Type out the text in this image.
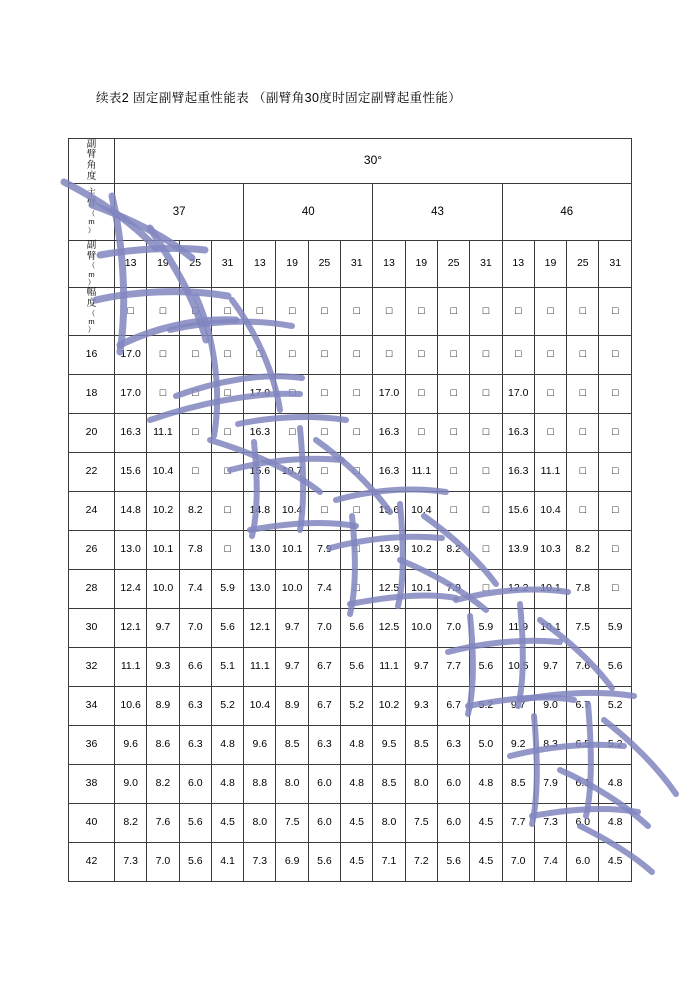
续表2 固定副臂起重性能表 （副臂角30度时固定副臂起重性能）
副
臂
角
度	30°															

主
臂
（
m
）	37				40				43				46			

副
臂
（
m
）	13	19	25	31	13	19	25	31	13	19	25	31	13	19	25	31

幅
度
（
m
）	□	□	□	□	□	□	□	□	□	□	□	□	□	□	□	□
16	17.0	□	□	□	□	□	□	□	□	□	□	□	□	□	□	□
18	17.0	□	□	□	17.0	□	□	□	17.0	□	□	□	17.0	□	□	□
20	16.3	11.1	□	□	16.3	□	□	□	16.3	□	□	□	16.3	□	□	□
22	15.6	10.4	□	□	15.6	10.7	□	□	16.3	11.1	□	□	16.3	11.1	□	□
24	14.8	10.2	8.2	□	14.8	10.4	□	□	15.6	10.4	□	□	15.6	10.4	□	□
26	13.0	10.1	7.8	□	13.0	10.1	7.9	□	13.9	10.2	8.2	□	13.9	10.3	8.2	□
28	12.4	10.0	7.4	5.9	13.0	10.0	7.4	□	12.5	10.1	7.9	□	12.2	10.1	7.8	□
30	12.1	9.7	7.0	5.6	12.1	9.7	7.0	5.6	12.5	10.0	7.0	5.9	11.9	10.1	7.5	5.9
32	11.1	9.3	6.6	5.1	11.1	9.7	6.7	5.6	11.1	9.7	7.7	5.6	10.5	9.7	7.6	5.6
34	10.6	8.9	6.3	5.2	10.4	8.9	6.7	5.2	10.2	9.3	6.7	5.2	9.7	9.0	6.7	5.2
36	9.6	8.6	6.3	4.8	9.6	8.5	6.3	4.8	9.5	8.5	6.3	5.0	9.2	8.3	6.5	5.2
38	9.0	8.2	6.0	4.8	8.8	8.0	6.0	4.8	8.5	8.0	6.0	4.8	8.5	7.9	6.1	4.8
40	8.2	7.6	5.6	4.5	8.0	7.5	6.0	4.5	8.0	7.5	6.0	4.5	7.7	7.3	6.0	4.8
42	7.3	7.0	5.6	4.1	7.3	6.9	5.6	4.5	7.1	7.2	5.6	4.5	7.0	7.4	6.0	4.5
